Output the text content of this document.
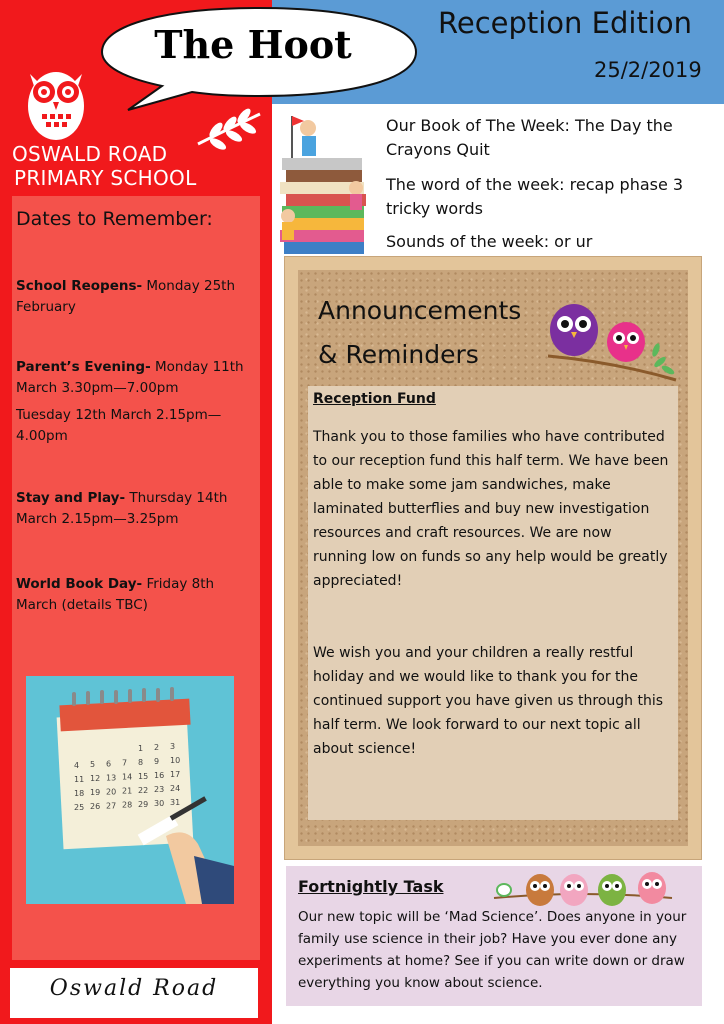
OSWALD ROAD
PRIMARY SCHOOL
Dates to Remember:
School Reopens- Monday 25th February
Parent’s Evening- Monday 11th March 3.30pm—7.00pm
Tuesday 12th March 2.15pm—4.00pm
Stay and Play- Thursday 14th March 2.15pm—3.25pm
World Book Day- Friday 8th March (details TBC)
1 2 3
4 5 6 7 8 9 10
11 12 13 14 15 16 17
18 19 20 21 22 23 24
25 26 27 28 29 30 31
Oswald Road
Reception Edition
25/2/2019
The Hoot
Our Book of The Week: The Day the Crayons Quit
The word of the week: recap phase 3 tricky words
Sounds of the week: or ur
Announcements
& Reminders
Reception Fund
Thank you to those families who have contributed to our reception fund this half term. We have been able to make some jam sandwiches, make laminated butterflies and buy new investigation resources and craft resources. We are now running low on funds so any help would be greatly appreciated!
We wish you and your children a really restful holiday and we would like to thank you for the continued support you have given us through this half term. We look forward to our next topic all about science!
Fortnightly Task
Our new topic will be ‘Mad Science’. Does anyone in your family use science in their job? Have you ever done any experiments at home? See if you can write down or draw everything you know about science.
